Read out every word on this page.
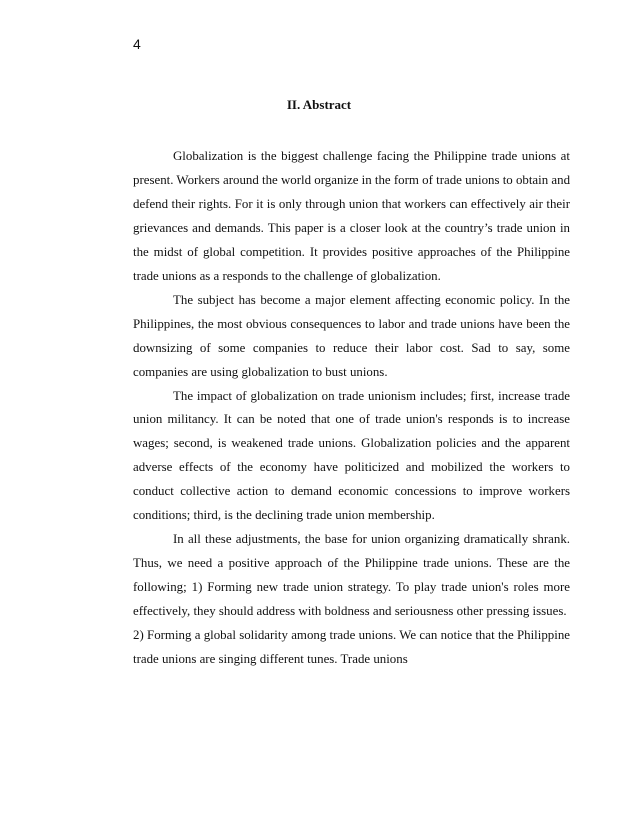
4
II. Abstract

Globalization is the biggest challenge facing the Philippine trade unions at present. Workers around the world organize in the form of trade unions to obtain and defend their rights. For it is only through union that workers can effectively air their grievances and demands. This paper is a closer look at the country’s trade union in the midst of global competition. It provides positive approaches of the Philippine trade unions as a responds to the challenge of globalization.

The subject has become a major element affecting economic policy. In the Philippines, the most obvious consequences to labor and trade unions have been the downsizing of some companies to reduce their labor cost. Sad to say, some companies are using globalization to bust unions.

The impact of globalization on trade unionism includes; first, increase trade union militancy. It can be noted that one of trade union's responds is to increase wages; second, is weakened trade unions. Globalization policies and the apparent adverse effects of the economy have politicized and mobilized the workers to conduct collective action to demand economic concessions to improve workers conditions; third, is the declining trade union membership.

In all these adjustments, the base for union organizing dramatically shrank. Thus, we need a positive approach of the Philippine trade unions. These are the following; 1) Forming new trade union strategy. To play trade union's roles more effectively, they should address with boldness and seriousness other pressing issues.

2) Forming a global solidarity among trade unions. We can notice that the Philippine trade unions are singing different tunes. Trade unions
